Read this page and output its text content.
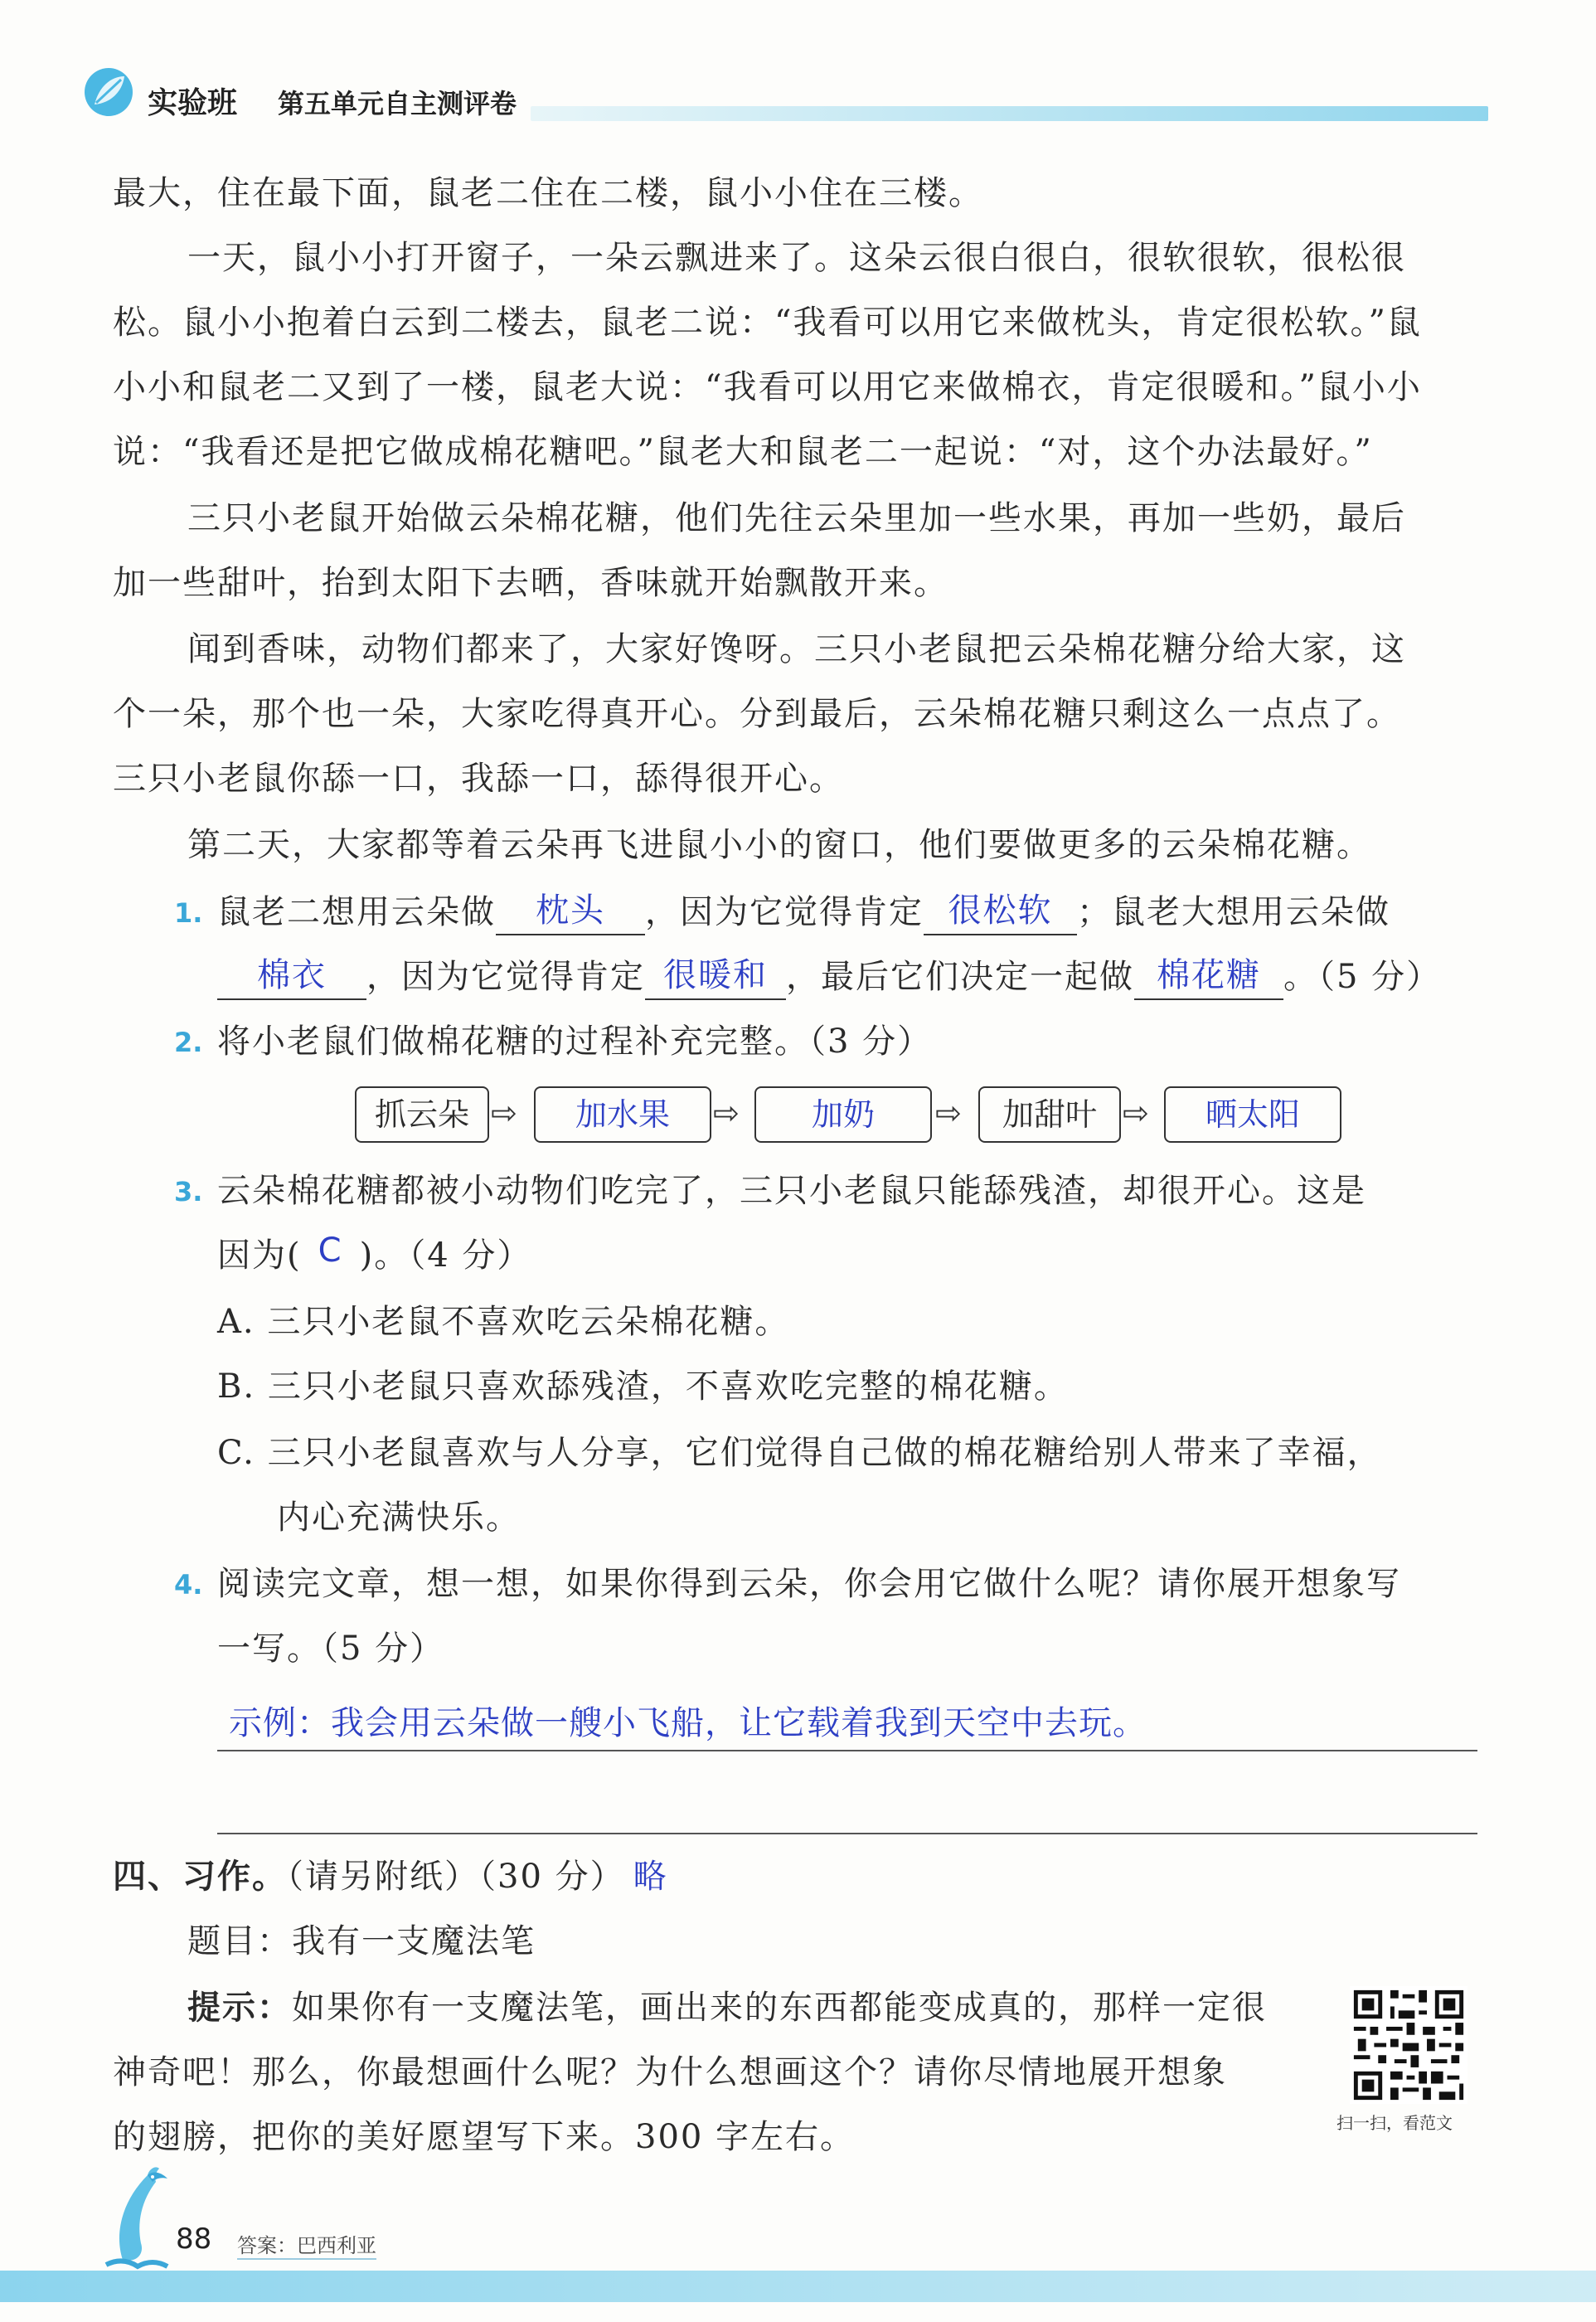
实验班 第五单元自主测评卷
最大，住在最下面，鼠老二住在二楼，鼠小小住在三楼。
一天，鼠小小打开窗子，一朵云飘进来了。这朵云很白很白，很软很软，很松很
松。鼠小小抱着白云到二楼去，鼠老二说：“我看可以用它来做枕头，肯定很松软。”鼠
小小和鼠老二又到了一楼，鼠老大说：“我看可以用它来做棉衣，肯定很暖和。”鼠小小
说：“我看还是把它做成棉花糖吧。”鼠老大和鼠老二一起说：“对，这个办法最好。”
三只小老鼠开始做云朵棉花糖，他们先往云朵里加一些水果，再加一些奶，最后
加一些甜叶，抬到太阳下去晒，香味就开始飘散开来。
闻到香味，动物们都来了，大家好馋呀。三只小老鼠把云朵棉花糖分给大家，这
个一朵，那个也一朵，大家吃得真开心。分到最后，云朵棉花糖只剩这么一点点了。
三只小老鼠你舔一口，我舔一口，舔得很开心。
第二天，大家都等着云朵再飞进鼠小小的窗口，他们要做更多的云朵棉花糖。
1. 鼠老二想用云朵做 枕头 ，因为它觉得肯定 很松软 ；鼠老大想用云朵做
棉衣 ，因为它觉得肯定 很暖和 ，最后它们决定一起做 棉花糖 。（5 分）
2. 将小老鼠们做棉花糖的过程补充完整。（3 分）
抓云朵 ⇨	加水果	⇨	加奶	⇨	加甜叶 ⇨	晒太阳
3. 云朵棉花糖都被小动物们吃完了，三只小老鼠只能舔残渣，却很开心。这是
因为( C )。（4 分）
A. 三只小老鼠不喜欢吃云朵棉花糖。
B. 三只小老鼠只喜欢舔残渣，不喜欢吃完整的棉花糖。
C. 三只小老鼠喜欢与人分享，它们觉得自己做的棉花糖给别人带来了幸福，
内心充满快乐。
4. 阅读完文章，想一想，如果你得到云朵，你会用它做什么呢？请你展开想象写
一写。（5 分）
示例：我会用云朵做一艘小飞船，让它载着我到天空中去玩。
四、习作。（请另附纸）（30 分） 略
题目：我有一支魔法笔
提示：如果你有一支魔法笔，画出来的东西都能变成真的，那样一定很
神奇吧！那么，你最想画什么呢？为什么想画这个？请你尽情地展开想象
的翅膀，把你的美好愿望写下来。300 字左右。	扫一扫，看范文
88 答案：巴西利亚
